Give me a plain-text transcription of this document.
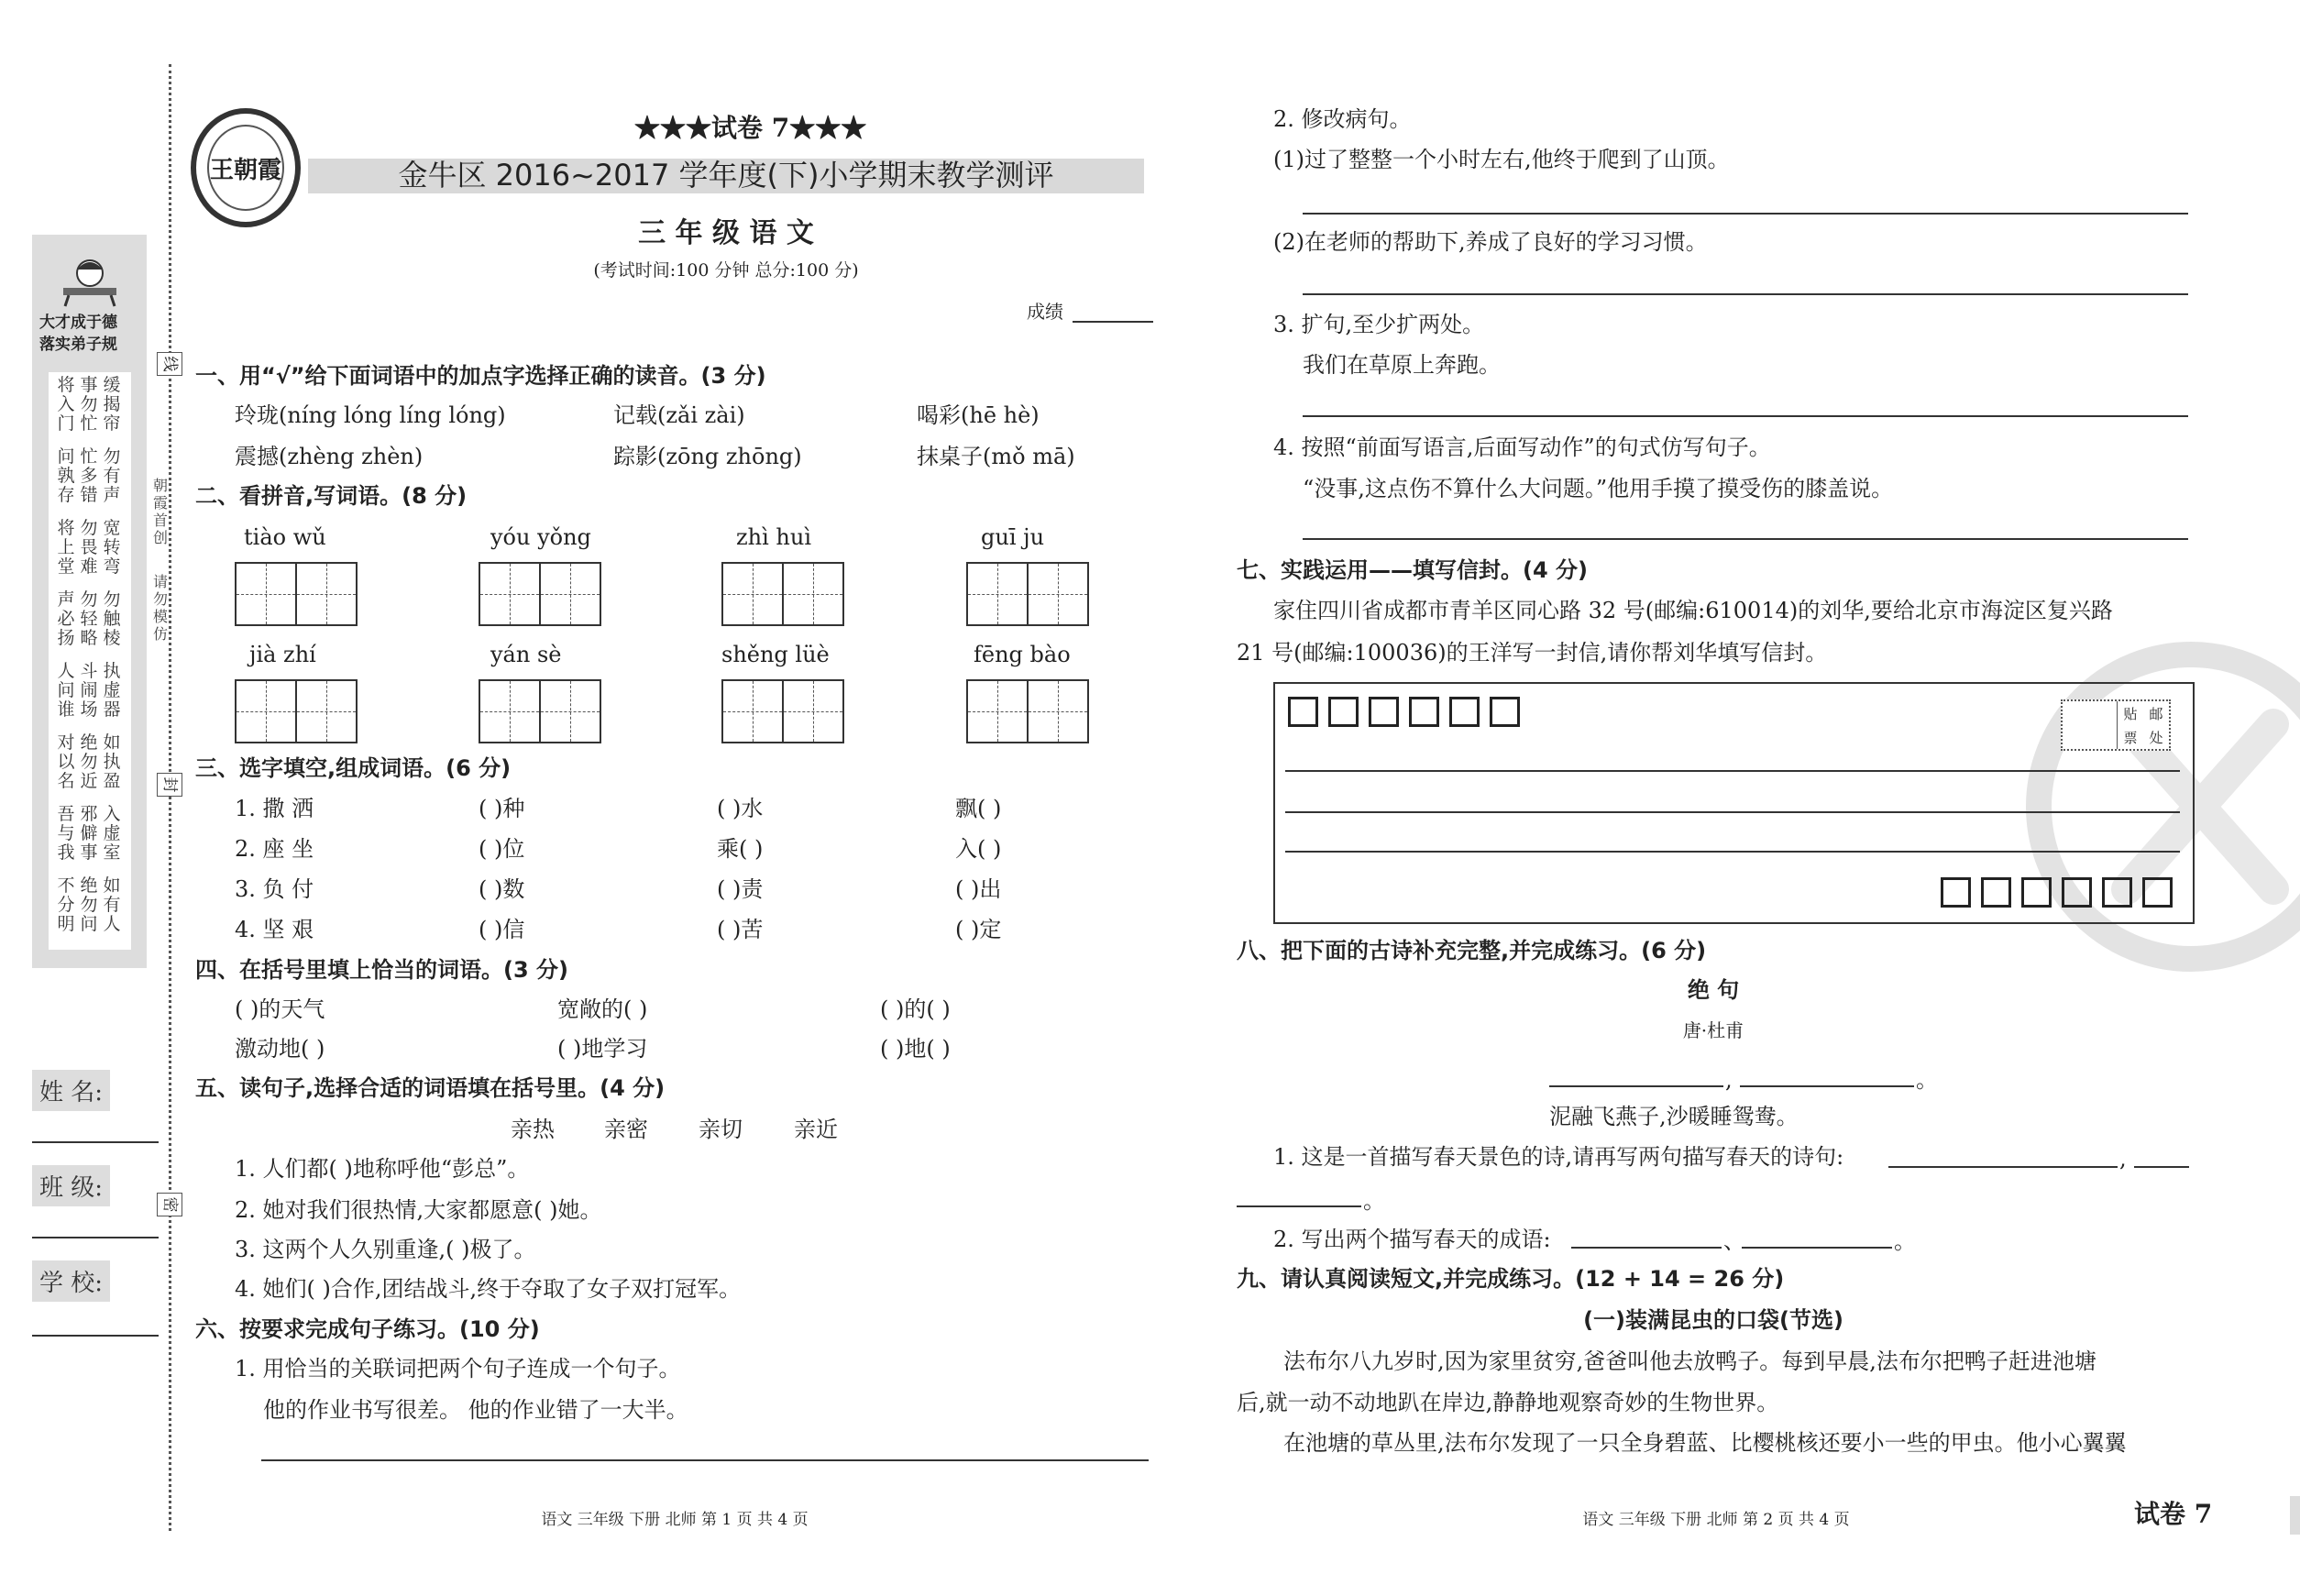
大才成于德
落实弟子规
将入门
事勿忙
缓揭帘
问孰存
忙多错
勿有声
将上堂
勿畏难
宽转弯
声必扬
勿轻略
勿触棱
人问谁
斗闹场
执虚器
对以名
绝勿近
如执盈
吾与我
邪僻事
入虚室
不分明
绝勿问
如有人
线
封
密
朝霞首创
请勿模仿
姓 名:
班 级:
学 校:
王朝霞
★★★试卷 7★★★
金牛区 2016~2017 学年度(下)小学期末教学测评
三 年 级 语 文
(考试时间:100 分钟 总分:100 分)
成绩
一、用“√”给下面词语中的加点字选择正确的读音。(3 分)
玲珑(níng lóng líng lóng)	记载(zǎi zài)	喝彩(hē hè)
震撼(zhèng zhèn)	踪影(zōng zhōng)	抹桌子(mǒ mā)
二、看拼音,写词语。(8 分)
tiào wǔ	yóu yǒng	zhì huì	guī ju
jià zhí	yán sè	shěng lüè	fēng bào
三、选字填空,组成词语。(6 分)
1. 撒 洒	( )种	( )水	飘( )
2. 座 坐	( )位	乘( )	入( )
3. 负 付	( )数	( )责	( )出
4. 坚 艰	( )信	( )苦	( )定
四、在括号里填上恰当的词语。(3 分)
( )的天气	宽敞的( )	( )的( )
激动地( )	( )地学习	( )地( )
五、读句子,选择合适的词语填在括号里。(4 分)
亲热 亲密 亲切 亲近
1. 人们都( )地称呼他“彭总”。
2. 她对我们很热情,大家都愿意( )她。
3. 这两个人久别重逢,( )极了。
4. 她们( )合作,团结战斗,终于夺取了女子双打冠军。
六、按要求完成句子练习。(10 分)
1. 用恰当的关联词把两个句子连成一个句子。
他的作业书写很差。 他的作业错了一大半。
语文 三年级 下册 北师 第 1 页 共 4 页
2. 修改病句。
(1)过了整整一个小时左右,他终于爬到了山顶。
(2)在老师的帮助下,养成了良好的学习习惯。
3. 扩句,至少扩两处。
我们在草原上奔跑。
4. 按照“前面写语言,后面写动作”的句式仿写句子。
“没事,这点伤不算什么大问题。”他用手摸了摸受伤的膝盖说。
七、实践运用——填写信封。(4 分)
家住四川省成都市青羊区同心路 32 号(邮编:610014)的刘华,要给北京市海淀区复兴路
21 号(邮编:100036)的王洋写一封信,请你帮刘华填写信封。
贴 邮
票 处
八、把下面的古诗补充完整,并完成练习。(6 分)
绝 句
唐·杜甫
,	。
泥融飞燕子,沙暖睡鸳鸯。
1. 这是一首描写春天景色的诗,请再写两句描写春天的诗句:	,
。
2. 写出两个描写春天的成语:	、	。
九、请认真阅读短文,并完成练习。(12 + 14 = 26 分)
(一)装满昆虫的口袋(节选)
法布尔八九岁时,因为家里贫穷,爸爸叫他去放鸭子。每到早晨,法布尔把鸭子赶进池塘
后,就一动不动地趴在岸边,静静地观察奇妙的生物世界。
在池塘的草丛里,法布尔发现了一只全身碧蓝、比樱桃核还要小一些的甲虫。他小心翼翼
语文 三年级 下册 北师 第 2 页 共 4 页	试卷 7
